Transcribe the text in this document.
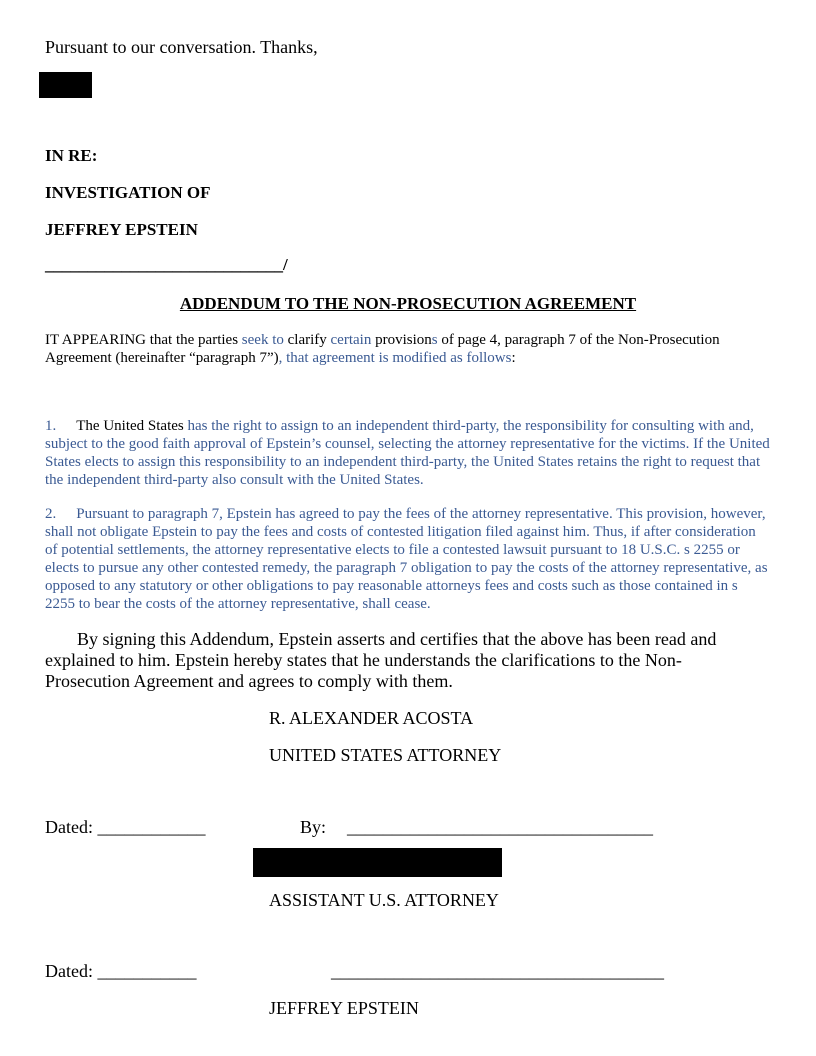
Pursuant to our conversation. Thanks,
IN RE:
INVESTIGATION OF
JEFFREY EPSTEIN
____________________________/
ADDENDUM TO THE NON-PROSECUTION AGREEMENT
IT APPEARING that the parties seek to clarify certain provisions of page 4, paragraph 7 of the Non-Prosecution Agreement (hereinafter “paragraph 7”), that agreement is modified as follows:
1. The United States has the right to assign to an independent third-party, the responsibility for consulting with and, subject to the good faith approval of Epstein’s counsel, selecting the attorney representative for the victims. If the United States elects to assign this responsibility to an independent third-party, the United States retains the right to request that the independent third-party also consult with the United States.
2. Pursuant to paragraph 7, Epstein has agreed to pay the fees of the attorney representative. This provision, however, shall not obligate Epstein to pay the fees and costs of contested litigation filed against him. Thus, if after consideration of potential settlements, the attorney representative elects to file a contested lawsuit pursuant to 18 U.S.C. s 2255 or elects to pursue any other contested remedy, the paragraph 7 obligation to pay the costs of the attorney representative, as opposed to any statutory or other obligations to pay reasonable attorneys fees and costs such as those contained in s 2255 to bear the costs of the attorney representative, shall cease.
By signing this Addendum, Epstein asserts and certifies that the above has been read and explained to him. Epstein hereby states that he understands the clarifications to the Non-Prosecution Agreement and agrees to comply with them.
R. ALEXANDER ACOSTA
UNITED STATES ATTORNEY
Dated: ____________	By: __________________________________
ASSISTANT U.S. ATTORNEY
Dated: ___________	_____________________________________
JEFFREY EPSTEIN
